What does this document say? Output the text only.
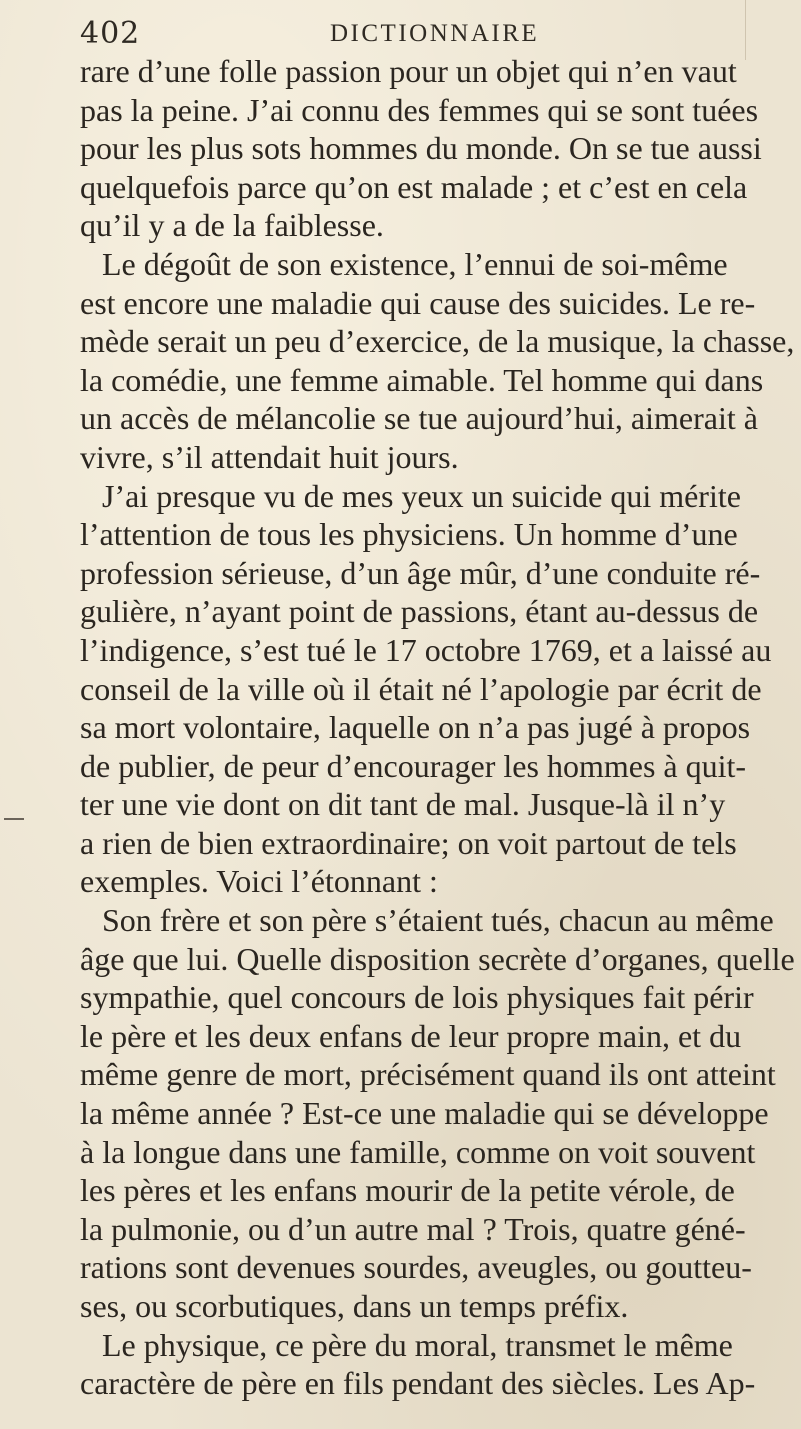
402	DICTIONNAIRE
rare d’une folle passion pour un objet qui n’en vaut
pas la peine. J’ai connu des femmes qui se sont tuées
pour les plus sots hommes du monde. On se tue aussi
quelquefois parce qu’on est malade ; et c’est en cela
qu’il y a de la faiblesse.
Le dégoût de son existence, l’ennui de soi-même
est encore une maladie qui cause des suicides. Le re-
mède serait un peu d’exercice, de la musique, la chasse,
la comédie, une femme aimable. Tel homme qui dans
un accès de mélancolie se tue aujourd’hui, aimerait à
vivre, s’il attendait huit jours.
J’ai presque vu de mes yeux un suicide qui mérite
l’attention de tous les physiciens. Un homme d’une
profession sérieuse, d’un âge mûr, d’une conduite ré-
gulière, n’ayant point de passions, étant au-dessus de
l’indigence, s’est tué le 17 octobre 1769, et a laissé au
conseil de la ville où il était né l’apologie par écrit de
sa mort volontaire, laquelle on n’a pas jugé à propos
de publier, de peur d’encourager les hommes à quit-
ter une vie dont on dit tant de mal. Jusque-là il n’y
a rien de bien extraordinaire; on voit partout de tels
exemples. Voici l’étonnant :
Son frère et son père s’étaient tués, chacun au même
âge que lui. Quelle disposition secrète d’organes, quelle
sympathie, quel concours de lois physiques fait périr
le père et les deux enfans de leur propre main, et du
même genre de mort, précisément quand ils ont atteint
la même année ? Est-ce une maladie qui se développe
à la longue dans une famille, comme on voit souvent
les pères et les enfans mourir de la petite vérole, de
la pulmonie, ou d’un autre mal ? Trois, quatre géné-
rations sont devenues sourdes, aveugles, ou goutteu-
ses, ou scorbutiques, dans un temps préfix.
Le physique, ce père du moral, transmet le même
caractère de père en fils pendant des siècles. Les Ap-
